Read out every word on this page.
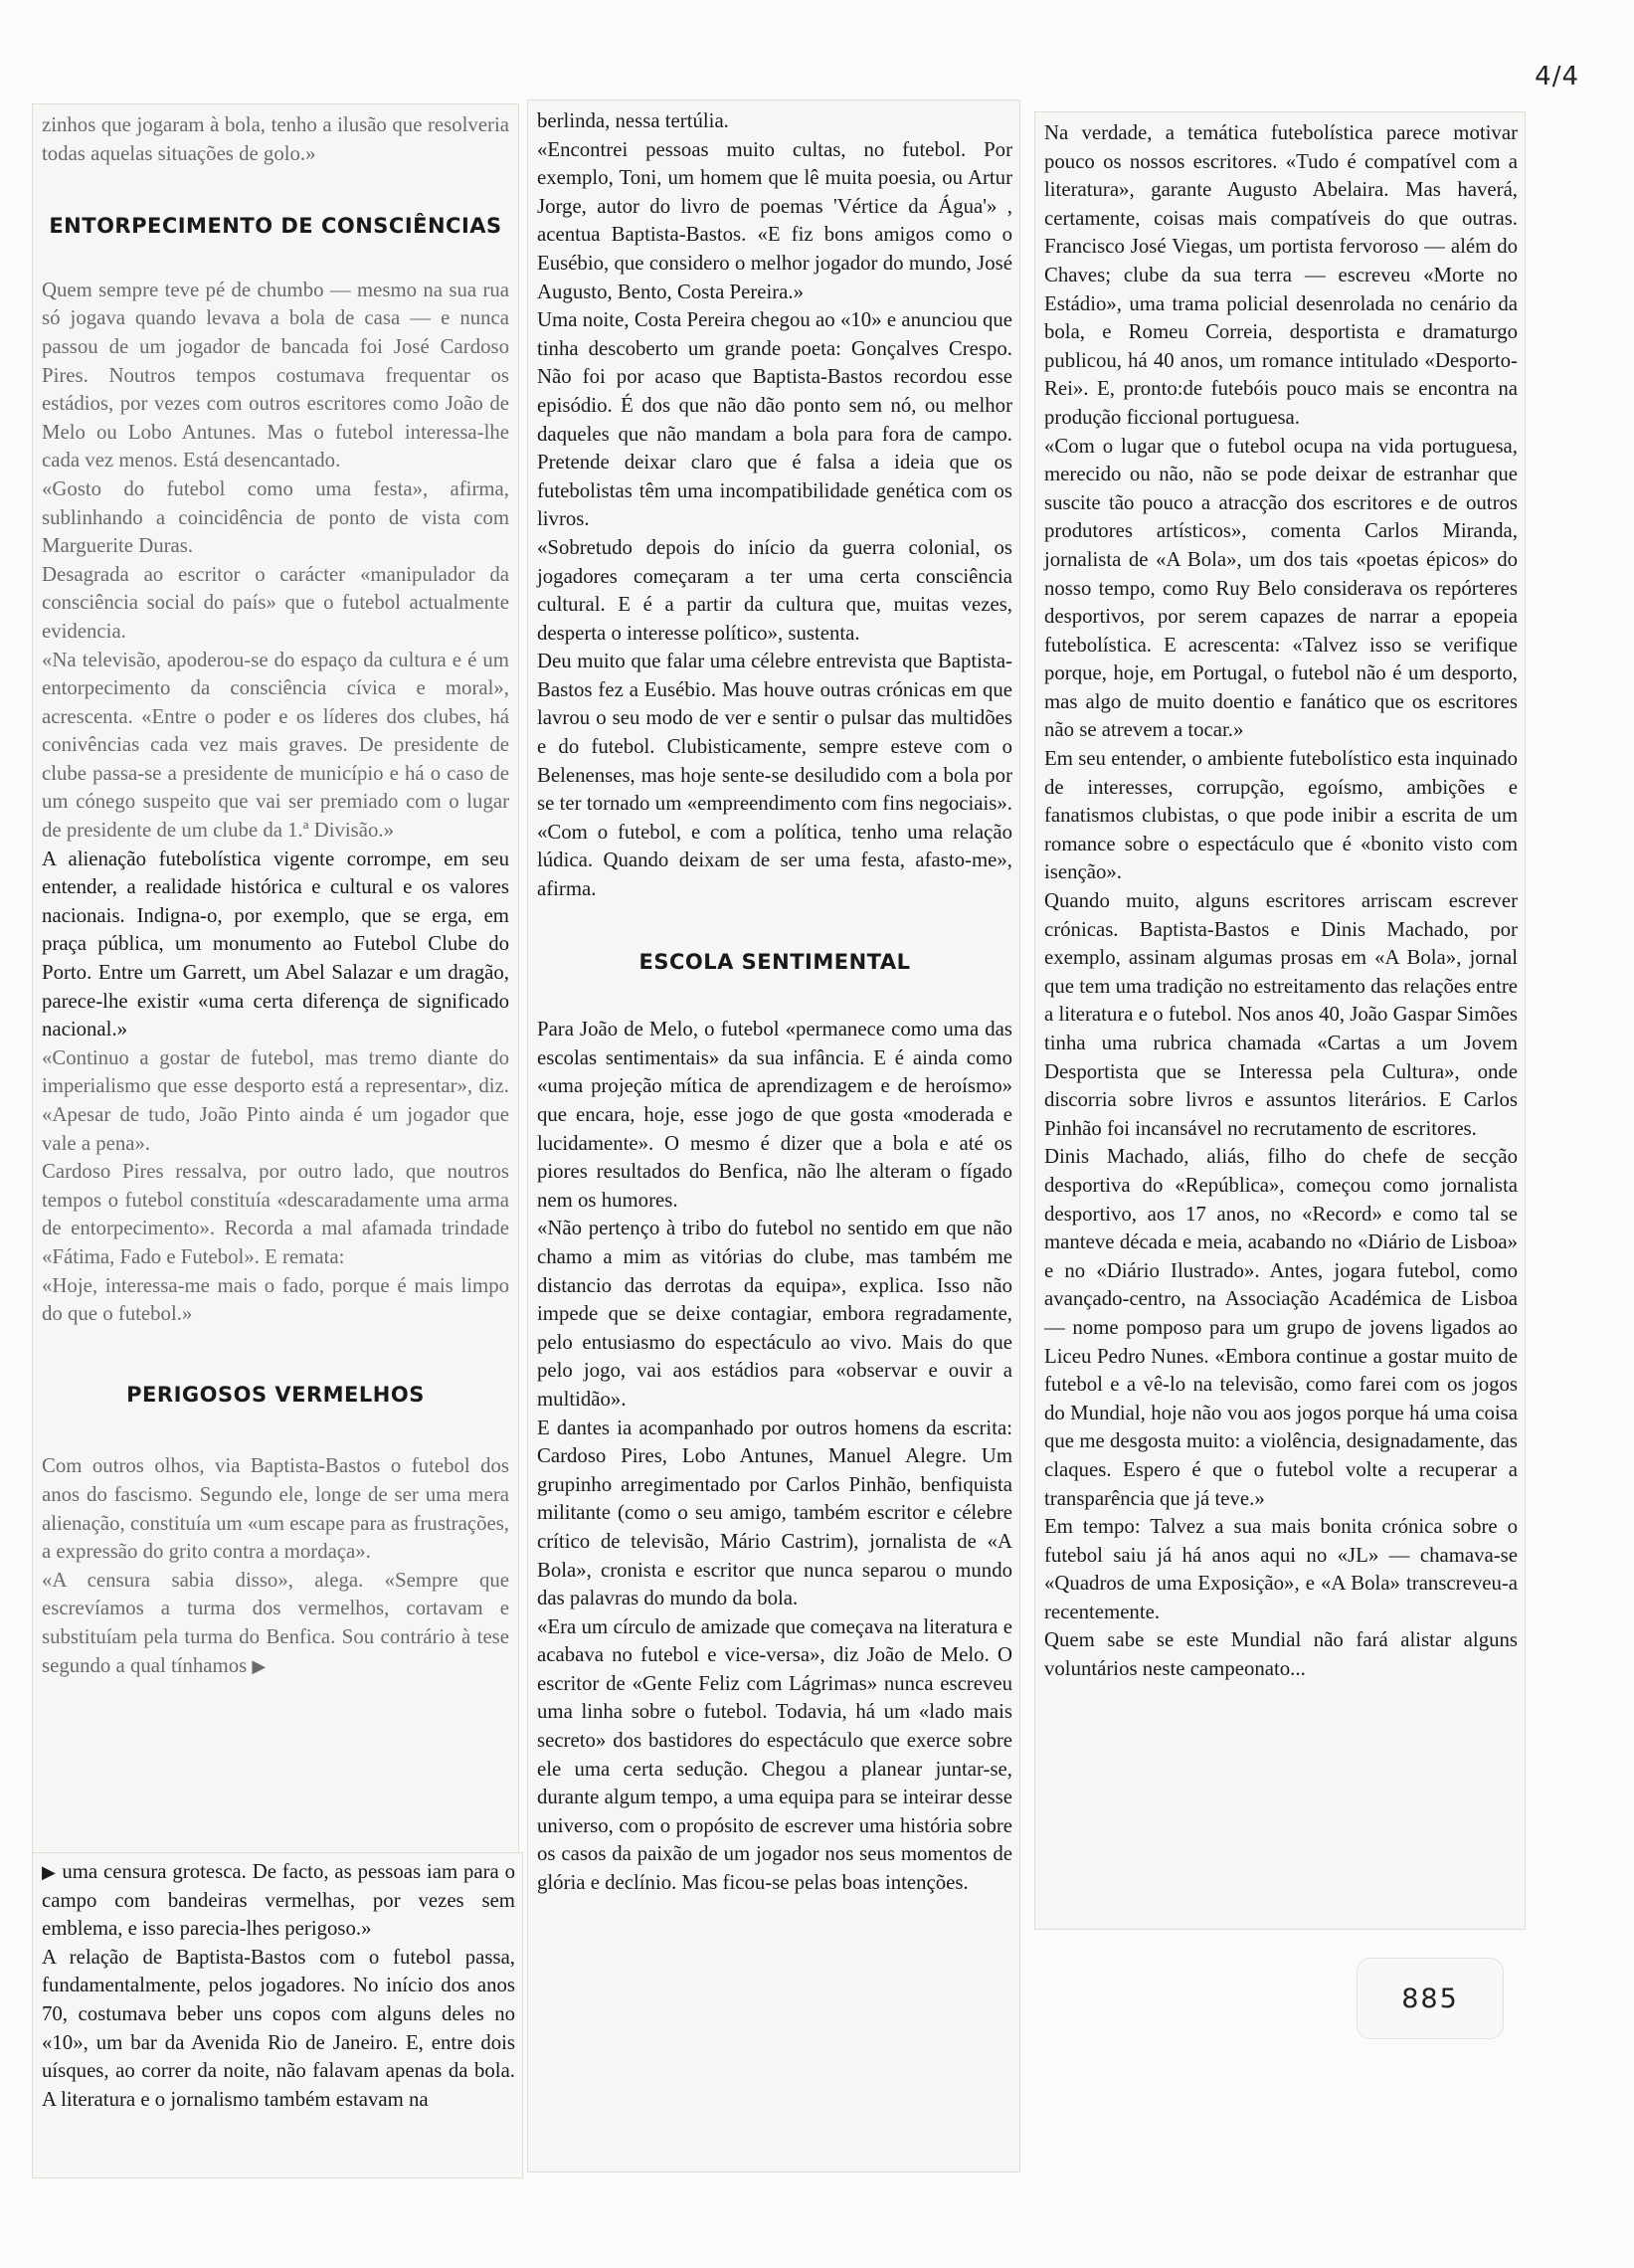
4/4

zinhos que jogaram à bola, tenho a ilusão que resolveria todas aquelas situações de golo.»

ENTORPECIMENTO DE CONSCIÊNCIAS

Quem sempre teve pé de chumbo — mesmo na sua rua só jogava quando levava a bola de casa — e nunca passou de um jogador de bancada foi José Cardoso Pires. Noutros tempos costumava frequentar os estádios, por vezes com outros escritores como João de Melo ou Lobo Antunes. Mas o futebol interessa-lhe cada vez menos. Está desencantado.

«Gosto do futebol como uma festa», afirma, sublinhando a coincidência de ponto de vista com Marguerite Duras.

Desagrada ao escritor o carácter «manipulador da consciência social do país» que o futebol actualmente evidencia.

«Na televisão, apoderou-se do espaço da cultura e é um entorpecimento da consciência cívica e moral», acrescenta. «Entre o poder e os líderes dos clubes, há conivências cada vez mais graves. De presidente de clube passa-se a presidente de município e há o caso de um cónego suspeito que vai ser premiado com o lugar de presidente de um clube da 1.ª Divisão.»

A alienação futebolística vigente corrompe, em seu entender, a realidade histórica e cultural e os valores nacionais. Indigna-o, por exemplo, que se erga, em praça pública, um monumento ao Futebol Clube do Porto. Entre um Garrett, um Abel Salazar e um dragão, parece-lhe existir «uma certa diferença de significado nacional.»

«Continuo a gostar de futebol, mas tremo diante do imperialismo que esse desporto está a representar», diz. «Apesar de tudo, João Pinto ainda é um jogador que vale a pena».

Cardoso Pires ressalva, por outro lado, que noutros tempos o futebol constituía «descaradamente uma arma de entorpecimento». Recorda a mal afamada trindade «Fátima, Fado e Futebol». E remata:

«Hoje, interessa-me mais o fado, porque é mais limpo do que o futebol.»

PERIGOSOS VERMELHOS

Com outros olhos, via Baptista-Bastos o futebol dos anos do fascismo. Segundo ele, longe de ser uma mera alienação, constituía um «um escape para as frustrações, a expressão do grito contra a mordaça».

«A censura sabia disso», alega. «Sempre que escrevíamos a turma dos vermelhos, cortavam e substituíam pela turma do Benfica. Sou contrário à tese segundo a qual tínhamos ▶

▶ uma censura grotesca. De facto, as pessoas iam para o campo com bandeiras vermelhas, por vezes sem emblema, e isso parecia-lhes perigoso.»

A relação de Baptista-Bastos com o futebol passa, fundamentalmente, pelos jogadores. No início dos anos 70, costumava beber uns copos com alguns deles no «10», um bar da Avenida Rio de Janeiro. E, entre dois uísques, ao correr da noite, não falavam apenas da bola. A literatura e o jornalismo também estavam na

berlinda, nessa tertúlia.

«Encontrei pessoas muito cultas, no futebol. Por exemplo, Toni, um homem que lê muita poesia, ou Artur Jorge, autor do livro de poemas 'Vértice da Água'» , acentua Baptista-Bastos. «E fiz bons amigos como o Eusébio, que considero o melhor jogador do mundo, José Augusto, Bento, Costa Pereira.»

Uma noite, Costa Pereira chegou ao «10» e anunciou que tinha descoberto um grande poeta: Gonçalves Crespo. Não foi por acaso que Baptista-Bastos recordou esse episódio. É dos que não dão ponto sem nó, ou melhor daqueles que não mandam a bola para fora de campo. Pretende deixar claro que é falsa a ideia que os futebolistas têm uma incompatibilidade genética com os livros.

«Sobretudo depois do início da guerra colonial, os jogadores começaram a ter uma certa consciência cultural. E é a partir da cultura que, muitas vezes, desperta o interesse político», sustenta.

Deu muito que falar uma célebre entrevista que Baptista-Bastos fez a Eusébio. Mas houve outras crónicas em que lavrou o seu modo de ver e sentir o pulsar das multidões e do futebol. Clubisticamente, sempre esteve com o Belenenses, mas hoje sente-se desiludido com a bola por se ter tornado um «empreendimento com fins negociais». «Com o futebol, e com a política, tenho uma relação lúdica. Quando deixam de ser uma festa, afasto-me», afirma.

ESCOLA SENTIMENTAL

Para João de Melo, o futebol «permanece como uma das escolas sentimentais» da sua infância. E é ainda como «uma projeção mítica de aprendizagem e de heroísmo» que encara, hoje, esse jogo de que gosta «moderada e lucidamente». O mesmo é dizer que a bola e até os piores resultados do Benfica, não lhe alteram o fígado nem os humores.

«Não pertenço à tribo do futebol no sentido em que não chamo a mim as vitórias do clube, mas também me distancio das derrotas da equipa», explica. Isso não impede que se deixe contagiar, embora regradamente, pelo entusiasmo do espectáculo ao vivo. Mais do que pelo jogo, vai aos estádios para «observar e ouvir a multidão».

E dantes ia acompanhado por outros homens da escrita: Cardoso Pires, Lobo Antunes, Manuel Alegre. Um grupinho arregimentado por Carlos Pinhão, benfiquista militante (como o seu amigo, também escritor e célebre crítico de televisão, Mário Castrim), jornalista de «A Bola», cronista e escritor que nunca separou o mundo das palavras do mundo da bola.

«Era um círculo de amizade que começava na literatura e acabava no futebol e vice-versa», diz João de Melo. O escritor de «Gente Feliz com Lágrimas» nunca escreveu uma linha sobre o futebol. Todavia, há um «lado mais secreto» dos bastidores do espectáculo que exerce sobre ele uma certa sedução. Chegou a planear juntar-se, durante algum tempo, a uma equipa para se inteirar desse universo, com o propósito de escrever uma história sobre os casos da paixão de um jogador nos seus momentos de glória e declínio. Mas ficou-se pelas boas intenções.

Na verdade, a temática futebolística parece motivar pouco os nossos escritores. «Tudo é compatível com a literatura», garante Augusto Abelaira. Mas haverá, certamente, coisas mais compatíveis do que outras. Francisco José Viegas, um portista fervoroso — além do Chaves; clube da sua terra — escreveu «Morte no Estádio», uma trama policial desenrolada no cenário da bola, e Romeu Correia, desportista e dramaturgo publicou, há 40 anos, um romance intitulado «Desporto-Rei». E, pronto:de futebóis pouco mais se encontra na produção ficcional portuguesa.

«Com o lugar que o futebol ocupa na vida portuguesa, merecido ou não, não se pode deixar de estranhar que suscite tão pouco a atracção dos escritores e de outros produtores artísticos», comenta Carlos Miranda, jornalista de «A Bola», um dos tais «poetas épicos» do nosso tempo, como Ruy Belo considerava os repórteres desportivos, por serem capazes de narrar a epopeia futebolística. E acrescenta: «Talvez isso se verifique porque, hoje, em Portugal, o futebol não é um desporto, mas algo de muito doentio e fanático que os escritores não se atrevem a tocar.»

Em seu entender, o ambiente futebolístico esta inquinado de interesses, corrupção, egoísmo, ambições e fanatismos clubistas, o que pode inibir a escrita de um romance sobre o espectáculo que é «bonito visto com isenção».

Quando muito, alguns escritores arriscam escrever crónicas. Baptista-Bastos e Dinis Machado, por exemplo, assinam algumas prosas em «A Bola», jornal que tem uma tradição no estreitamento das relações entre a literatura e o futebol. Nos anos 40, João Gaspar Simões tinha uma rubrica chamada «Cartas a um Jovem Desportista que se Interessa pela Cultura», onde discorria sobre livros e assuntos literários. E Carlos Pinhão foi incansável no recrutamento de escritores.

Dinis Machado, aliás, filho do chefe de secção desportiva do «República», começou como jornalista desportivo, aos 17 anos, no «Record» e como tal se manteve década e meia, acabando no «Diário de Lisboa» e no «Diário Ilustrado». Antes, jogara futebol, como avançado-centro, na Associação Académica de Lisboa — nome pomposo para um grupo de jovens ligados ao Liceu Pedro Nunes. «Embora continue a gostar muito de futebol e a vê-lo na televisão, como farei com os jogos do Mundial, hoje não vou aos jogos porque há uma coisa que me desgosta muito: a violência, designadamente, das claques. Espero é que o futebol volte a recuperar a transparência que já teve.»

Em tempo: Talvez a sua mais bonita crónica sobre o futebol saiu já há anos aqui no «JL» — chamava-se «Quadros de uma Exposição», e «A Bola» transcreveu-a recentemente.

Quem sabe se este Mundial não fará alistar alguns voluntários neste campeonato...

885
